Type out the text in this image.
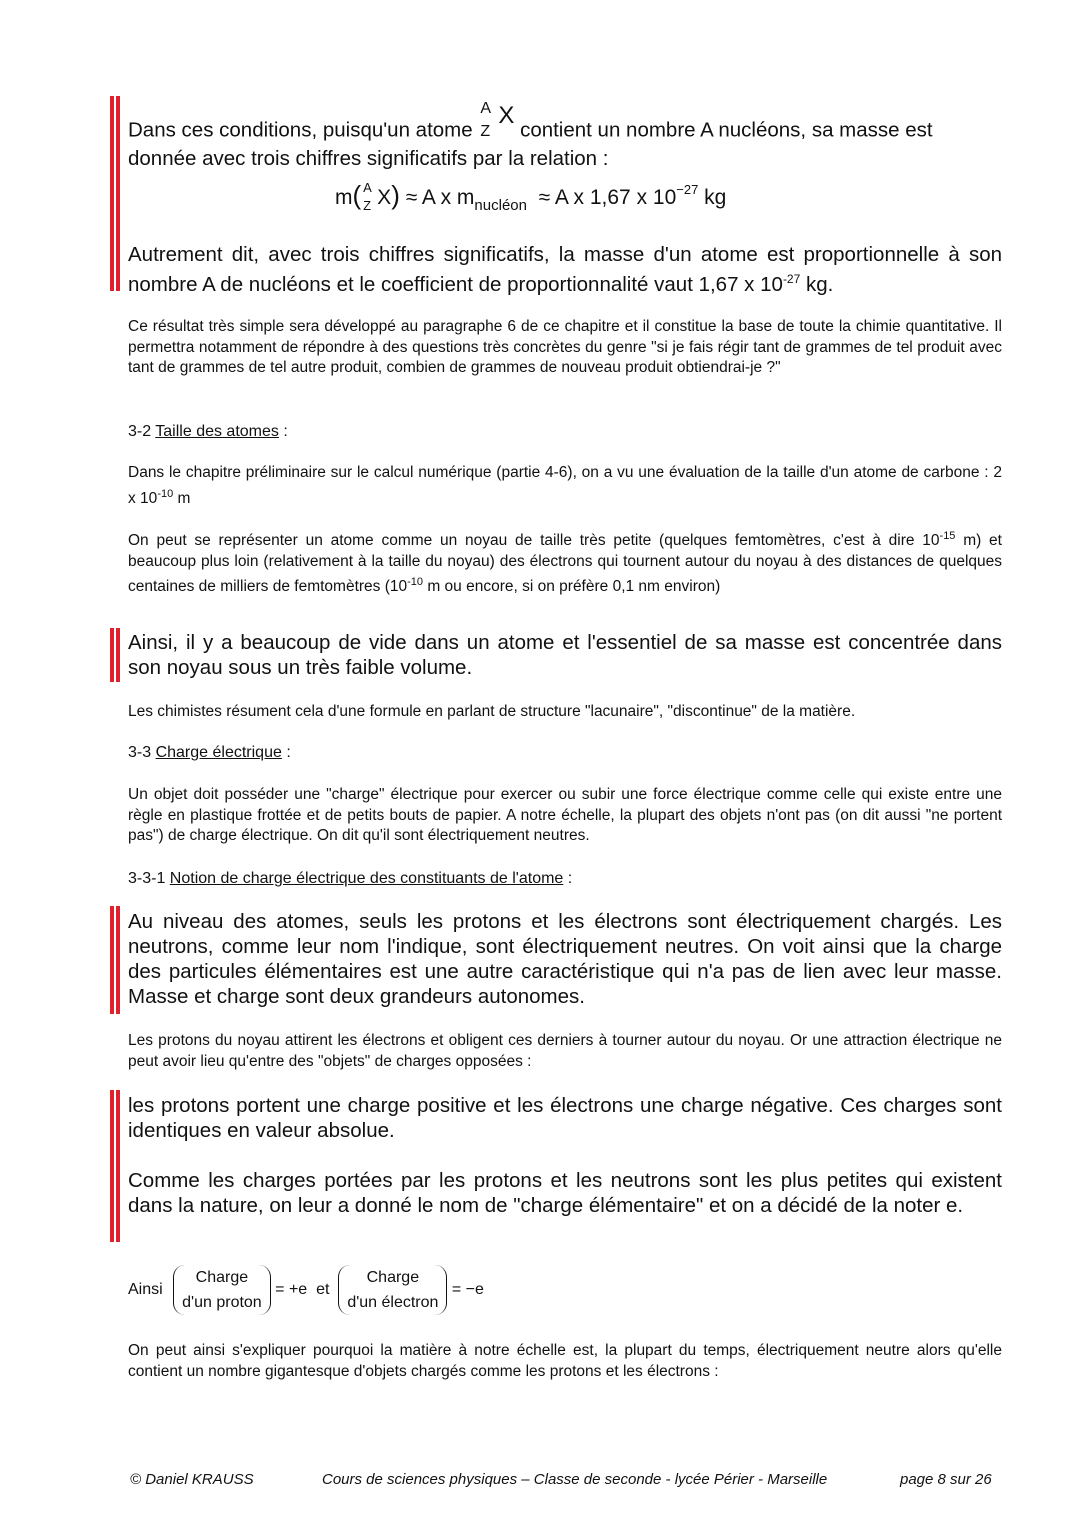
Dans ces conditions, puisqu'un atome
A
Z
X
contient un nombre A nucléons, sa masse est
donnée avec trois chiffres significatifs par la relation :
m( A
Z X) ≈ A x $m_{nucléon} \approx A$ x 1,67 x $10^{-27}$ kg
Autrement dit, avec trois chiffres significatifs, la masse d'un atome est proportionnelle à son nombre A de nucléons et le coefficient de proportionnalité vaut 1,67 x $10^{-27}$ kg.
Ce résultat très simple sera développé au paragraphe 6 de ce chapitre et il constitue la base de toute la chimie quantitative. Il permettra notamment de répondre à des questions très concrètes du genre "si je fais régir tant de grammes de tel produit avec tant de grammes de tel autre produit, combien de grammes de nouveau produit obtiendrai-je ?"
3-2 Taille des atomes :
Dans le chapitre préliminaire sur le calcul numérique (partie 4-6), on a vu une évaluation de la taille d'un atome de carbone : 2 x $10^{-10}$ m
On peut se représenter un atome comme un noyau de taille très petite (quelques femtomètres, c'est à dire $10^{-15}$ m) et beaucoup plus loin (relativement à la taille du noyau) des électrons qui tournent autour du noyau à des distances de quelques centaines de milliers de femtomètres ($10^{-10}$ m ou encore, si on préfère 0,1 nm environ)
Ainsi, il y a beaucoup de vide dans un atome et l'essentiel de sa masse est concentrée dans son noyau sous un très faible volume.
Les chimistes résument cela d'une formule en parlant de structure "lacunaire", "discontinue" de la matière.
3-3 Charge électrique :
Un objet doit posséder une "charge" électrique pour exercer ou subir une force électrique comme celle qui existe entre une règle en plastique frottée et de petits bouts de papier. A notre échelle, la plupart des objets n'ont pas (on dit aussi "ne portent pas") de charge électrique. On dit qu'il sont électriquement neutres.
3-3-1 Notion de charge électrique des constituants de l'atome :
Au niveau des atomes, seuls les protons et les électrons sont électriquement chargés. Les neutrons, comme leur nom l'indique, sont électriquement neutres. On voit ainsi que la charge des particules élémentaires est une autre caractéristique qui n'a pas de lien avec leur masse. Masse et charge sont deux grandeurs autonomes.
Les protons du noyau attirent les électrons et obligent ces derniers à tourner autour du noyau. Or une attraction électrique ne peut avoir lieu qu'entre des "objets" de charges opposées :
les protons portent une charge positive et les électrons une charge négative. Ces charges sont identiques en valeur absolue.
Comme les charges portées par les protons et les neutrons sont les plus petites qui existent dans la nature, on leur a donné le nom de "charge élémentaire" et on a décidé de la noter e.
Ainsi Charge
d'un proton = +e et  Charge
d'un électron = −e
On peut ainsi s'expliquer pourquoi la matière à notre échelle est, la plupart du temps, électriquement neutre alors qu'elle contient un nombre gigantesque d'objets chargés comme les protons et les électrons :
© Daniel KRAUSS	Cours de sciences physiques – Classe de seconde - lycée Périer - Marseille	page 8 sur 26
